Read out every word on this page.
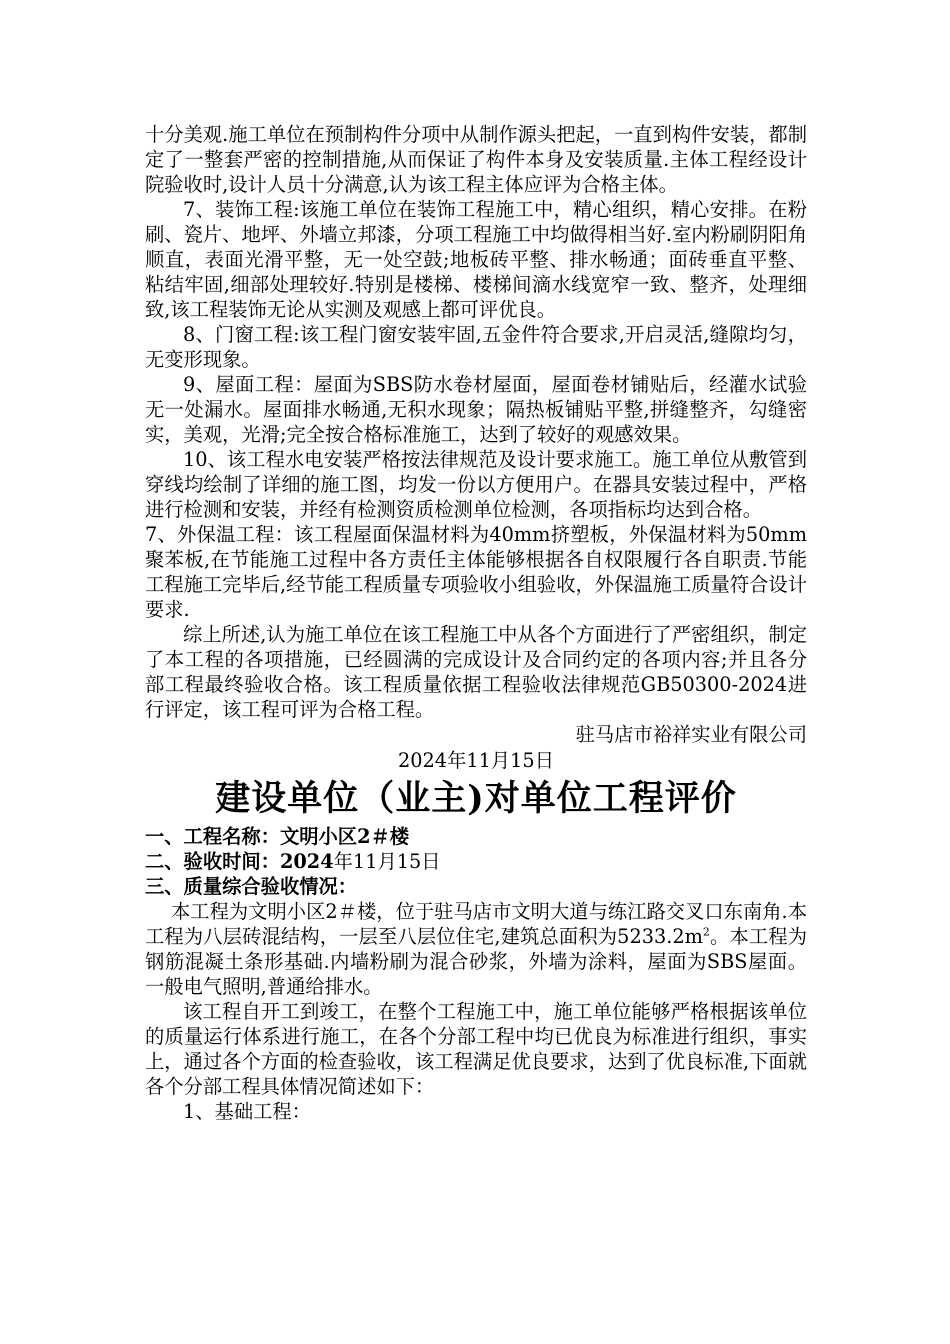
十分美观.施工单位在预制构件分项中从制作源头把起，一直到构件安装，都制定了一整套严密的控制措施,从而保证了构件本身及安装质量.主体工程经设计院验收时,设计人员十分满意,认为该工程主体应评为合格主体。

7、装饰工程:该施工单位在装饰工程施工中，精心组织，精心安排。在粉刷、瓷片、地坪、外墙立邦漆，分项工程施工中均做得相当好.室内粉刷阴阳角顺直，表面光滑平整，无一处空鼓;地板砖平整、排水畅通；面砖垂直平整、粘结牢固,细部处理较好.特别是楼梯、楼梯间滴水线宽窄一致、整齐，处理细致,该工程装饰无论从实测及观感上都可评优良。

8、门窗工程:该工程门窗安装牢固,五金件符合要求,开启灵活,缝隙均匀，无变形现象。

9、屋面工程：屋面为SBS防水卷材屋面，屋面卷材铺贴后，经灌水试验无一处漏水。屋面排水畅通,无积水现象；隔热板铺贴平整,拼缝整齐，勾缝密实，美观，光滑;完全按合格标准施工，达到了较好的观感效果。

10、该工程水电安装严格按法律规范及设计要求施工。施工单位从敷管到穿线均绘制了详细的施工图，均发一份以方便用户。在器具安装过程中，严格进行检测和安装，并经有检测资质检测单位检测，各项指标均达到合格。

7、外保温工程：该工程屋面保温材料为40mm挤塑板，外保温材料为50mm聚苯板,在节能施工过程中各方责任主体能够根据各自权限履行各自职责.节能工程施工完毕后,经节能工程质量专项验收小组验收，外保温施工质量符合设计要求.

综上所述,认为施工单位在该工程施工中从各个方面进行了严密组织，制定了本工程的各项措施，已经圆满的完成设计及合同约定的各项内容;并且各分部工程最终验收合格。该工程质量依据工程验收法律规范GB50300-2024进行评定，该工程可评为合格工程。

驻马店市裕祥实业有限公司

2024年11月15日

建设单位（业主)对单位工程评价

一、工程名称：文明小区2＃楼

二、验收时间：2024年11月15日

三、质量综合验收情况：

本工程为文明小区2＃楼，位于驻马店市文明大道与练江路交叉口东南角.本工程为八层砖混结构，一层至八层位住宅,建筑总面积为$5233.2m^2$。本工程为钢筋混凝土条形基础.内墙粉刷为混合砂浆，外墙为涂料，屋面为SBS屋面。一般电气照明,普通给排水。

该工程自开工到竣工，在整个工程施工中，施工单位能够严格根据该单位的质量运行体系进行施工，在各个分部工程中均已优良为标准进行组织，事实上，通过各个方面的检查验收，该工程满足优良要求，达到了优良标准,下面就各个分部工程具体情况简述如下：

1、基础工程：
